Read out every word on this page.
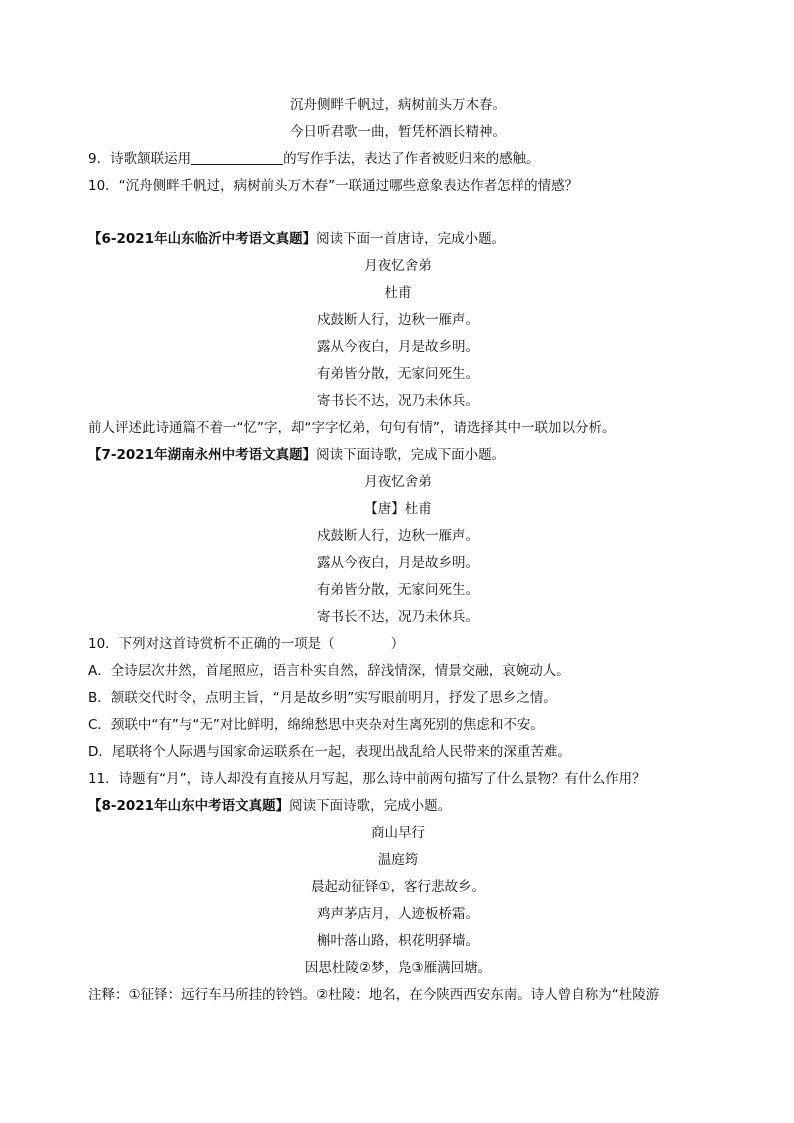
沉舟侧畔千帆过，病树前头万木春。
今日听君歌一曲，暂凭杯酒长精神。
9．诗歌颔联运用	的写作手法，表达了作者被贬归来的感触。
10．“沉舟侧畔千帆过，病树前头万木春”一联通过哪些意象表达作者怎样的情感？
【6-2021年山东临沂中考语文真题】阅读下面一首唐诗，完成小题。
月夜忆舍弟
杜甫
戍鼓断人行，边秋一雁声。
露从今夜白，月是故乡明。
有弟皆分散，无家问死生。
寄书长不达，况乃未休兵。
前人评述此诗通篇不着一“忆”字，却“字字忆弟，句句有情”，请选择其中一联加以分析。
【7-2021年湖南永州中考语文真题】阅读下面诗歌，完成下面小题。
月夜忆舍弟
【唐】杜甫
戍鼓断人行，边秋一雁声。
露从今夜白，月是故乡明。
有弟皆分散，无家问死生。
寄书长不达，况乃未休兵。
10．下列对这首诗赏析不正确的一项是（	）
A．全诗层次井然，首尾照应，语言朴实自然，辞浅情深，情景交融，哀婉动人。
B．颔联交代时令，点明主旨，“月是故乡明”实写眼前明月，抒发了思乡之情。
C．颈联中“有”与“无”对比鲜明，绵绵愁思中夹杂对生离死别的焦虑和不安。
D．尾联将个人际遇与国家命运联系在一起，表现出战乱给人民带来的深重苦难。
11．诗题有“月”，诗人却没有直接从月写起，那么诗中前两句描写了什么景物？有什么作用？
【8-2021年山东中考语文真题】阅读下面诗歌，完成小题。
商山早行
温庭筠
晨起动征铎①，客行悲故乡。
鸡声茅店月，人迹板桥霜。
槲叶落山路，枳花明驿墙。
因思杜陵②梦，凫③雁满回塘。
注释：①征铎：远行车马所挂的铃铛。②杜陵：地名，在今陕西西安东南。诗人曾自称为“杜陵游
